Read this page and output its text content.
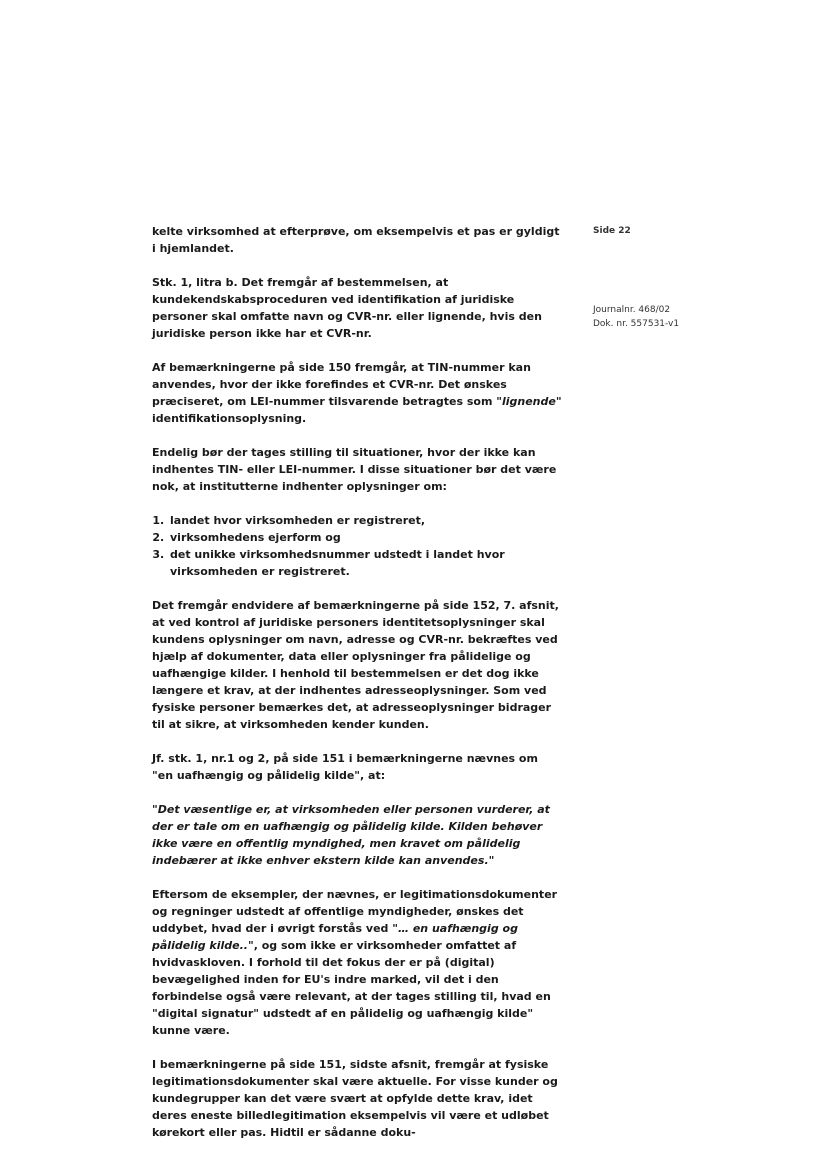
Side 22
Journalnr. 468/02
Dok. nr. 557531-v1

kelte virksomhed at efterprøve, om eksempelvis et pas er gyldigt i hjemlandet.

Stk. 1, litra b. Det fremgår af bestemmelsen, at kundekendskabsproceduren ved identifikation af juridiske personer skal omfatte navn og CVR-nr. eller lignende, hvis den juridiske person ikke har et CVR-nr.

Af bemærkningerne på side 150 fremgår, at TIN-nummer kan anvendes, hvor der ikke forefindes et CVR-nr. Det ønskes præciseret, om LEI-nummer tilsvarende betragtes som "lignende" identifikationsoplysning.

Endelig bør der tages stilling til situationer, hvor der ikke kan indhentes TIN- eller LEI-nummer. I disse situationer bør det være nok, at institutterne indhenter oplysninger om:

1. landet hvor virksomheden er registreret,
2. virksomhedens ejerform og
3. det unikke virksomhedsnummer udstedt i landet hvor virksomheden er registreret.

Det fremgår endvidere af bemærkningerne på side 152, 7. afsnit, at ved kontrol af juridiske personers identitetsoplysninger skal kundens oplysninger om navn, adresse og CVR-nr. bekræftes ved hjælp af dokumenter, data eller oplysninger fra pålidelige og uafhængige kilder. I henhold til bestemmelsen er det dog ikke længere et krav, at der indhentes adresseoplysninger. Som ved fysiske personer bemærkes det, at adresseoplysninger bidrager til at sikre, at virksomheden kender kunden.

Jf. stk. 1, nr.1 og 2, på side 151 i bemærkningerne nævnes om "en uafhængig og pålidelig kilde", at:

"Det væsentlige er, at virksomheden eller personen vurderer, at der er tale om en uafhængig og pålidelig kilde. Kilden behøver ikke være en offentlig myndighed, men kravet om pålidelig indebærer at ikke enhver ekstern kilde kan anvendes."

Eftersom de eksempler, der nævnes, er legitimationsdokumenter og regninger udstedt af offentlige myndigheder, ønskes det uddybet, hvad der i øvrigt forstås ved "… en uafhængig og pålidelig kilde..", og som ikke er virksomheder omfattet af hvidvaskloven. I forhold til det fokus der er på (digital) bevægelighed inden for EU's indre marked, vil det i den forbindelse også være relevant, at der tages stilling til, hvad en "digital signatur" udstedt af en pålidelig og uafhængig kilde" kunne være.

I bemærkningerne på side 151, sidste afsnit, fremgår at fysiske legitimationsdokumenter skal være aktuelle. For visse kunder og kundegrupper kan det være svært at opfylde dette krav, idet deres eneste billedlegitimation eksempelvis vil være et udløbet kørekort eller pas. Hidtil er sådanne doku-
